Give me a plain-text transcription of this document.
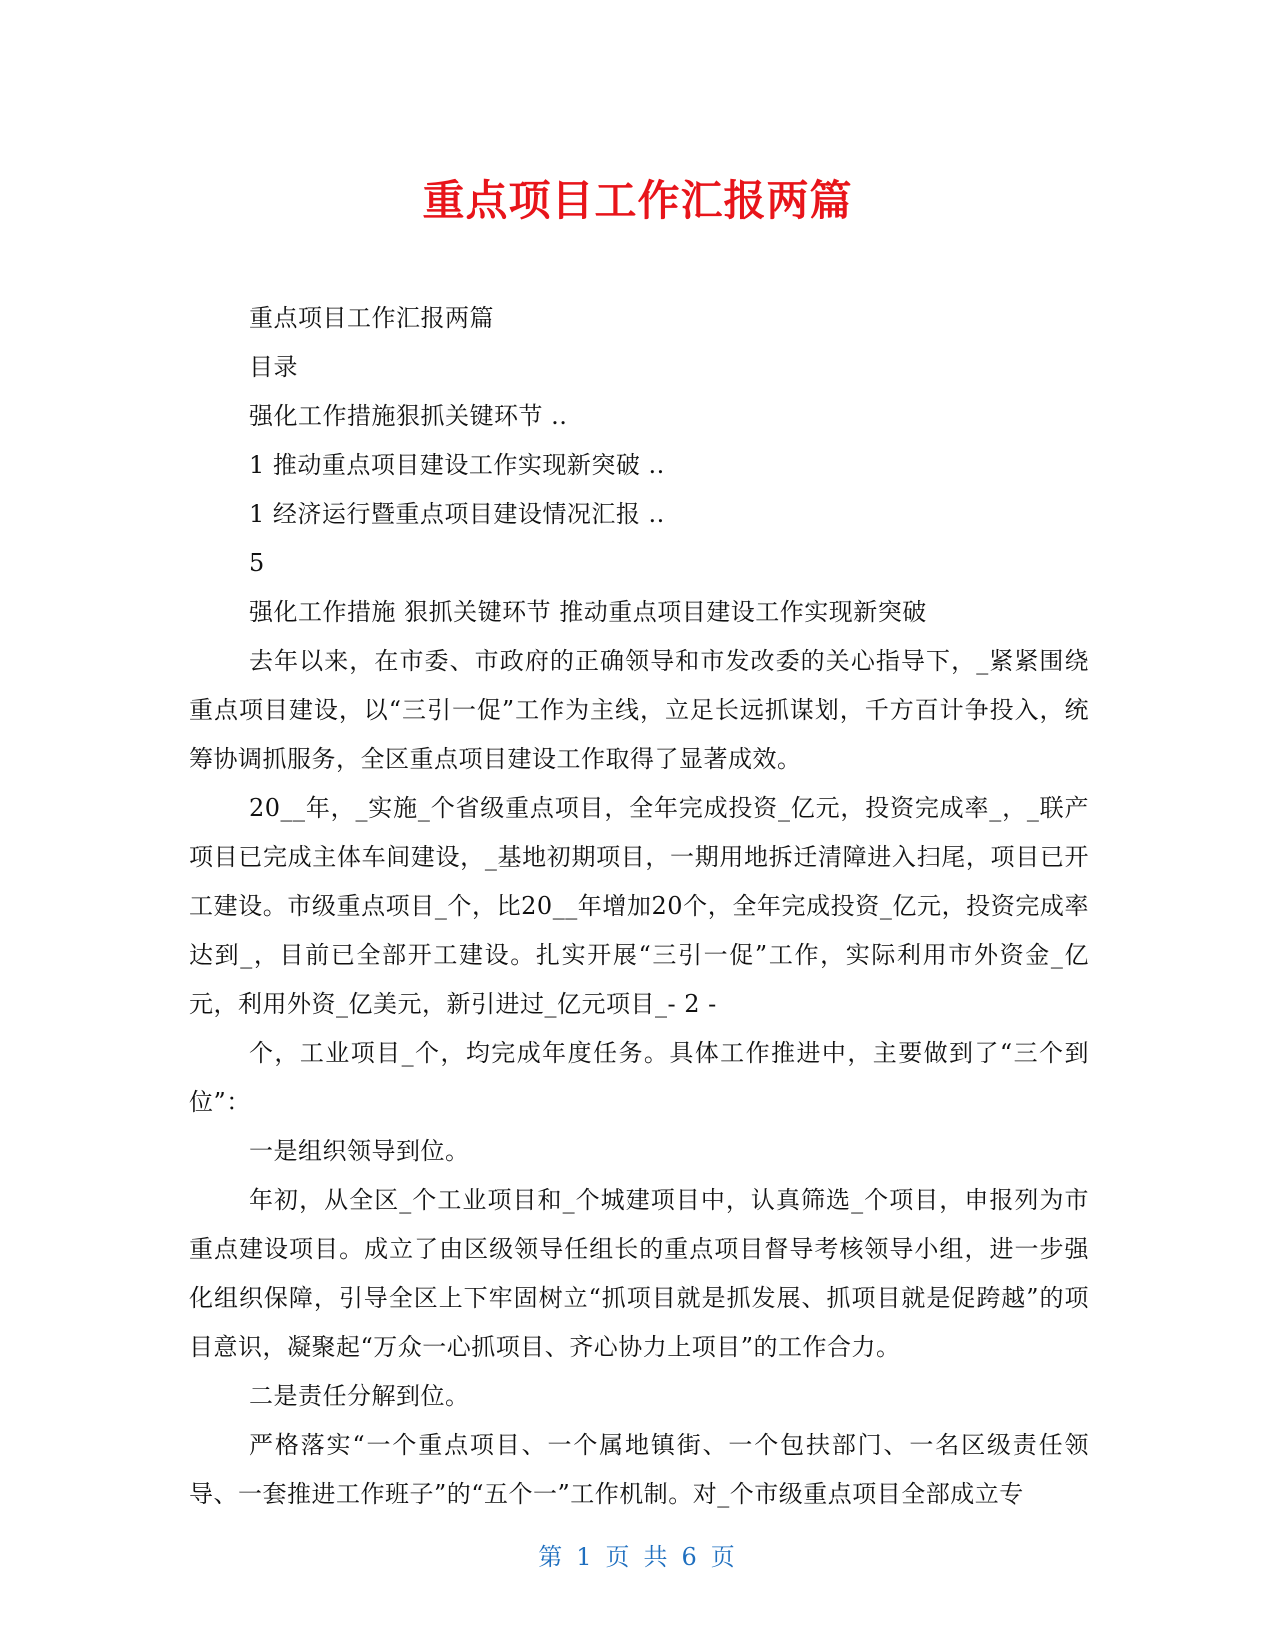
重点项目工作汇报两篇
重点项目工作汇报两篇
目录
强化工作措施狠抓关键环节 ..
1 推动重点项目建设工作实现新突破 ..
1 经济运行暨重点项目建设情况汇报 ..
5
强化工作措施 狠抓关键环节 推动重点项目建设工作实现新突破

去年以来，在市委、市政府的正确领导和市发改委的关心指导下，_紧紧围绕重点项目建设，以“三引一促”工作为主线，立足长远抓谋划，千方百计争投入，统筹协调抓服务，全区重点项目建设工作取得了显著成效。

20__年，_实施_个省级重点项目，全年完成投资_亿元，投资完成率_，_联产项目已完成主体车间建设，_基地初期项目，一期用地拆迁清障进入扫尾，项目已开工建设。市级重点项目_个，比20__年增加20个，全年完成投资_亿元，投资完成率达到_，目前已全部开工建设。扎实开展“三引一促”工作，实际利用市外资金_亿元，利用外资_亿美元，新引进过_亿元项目_- 2 -

个，工业项目_个，均完成年度任务。具体工作推进中，主要做到了“三个到位”：

一是组织领导到位。

年初，从全区_个工业项目和_个城建项目中，认真筛选_个项目，申报列为市重点建设项目。成立了由区级领导任组长的重点项目督导考核领导小组，进一步强化组织保障，引导全区上下牢固树立“抓项目就是抓发展、抓项目就是促跨越”的项目意识，凝聚起“万众一心抓项目、齐心协力上项目”的工作合力。

二是责任分解到位。

严格落实“一个重点项目、一个属地镇街、一个包扶部门、一名区级责任领导、一套推进工作班子”的“五个一”工作机制。对_个市级重点项目全部成立专

第 1 页 共 6 页
